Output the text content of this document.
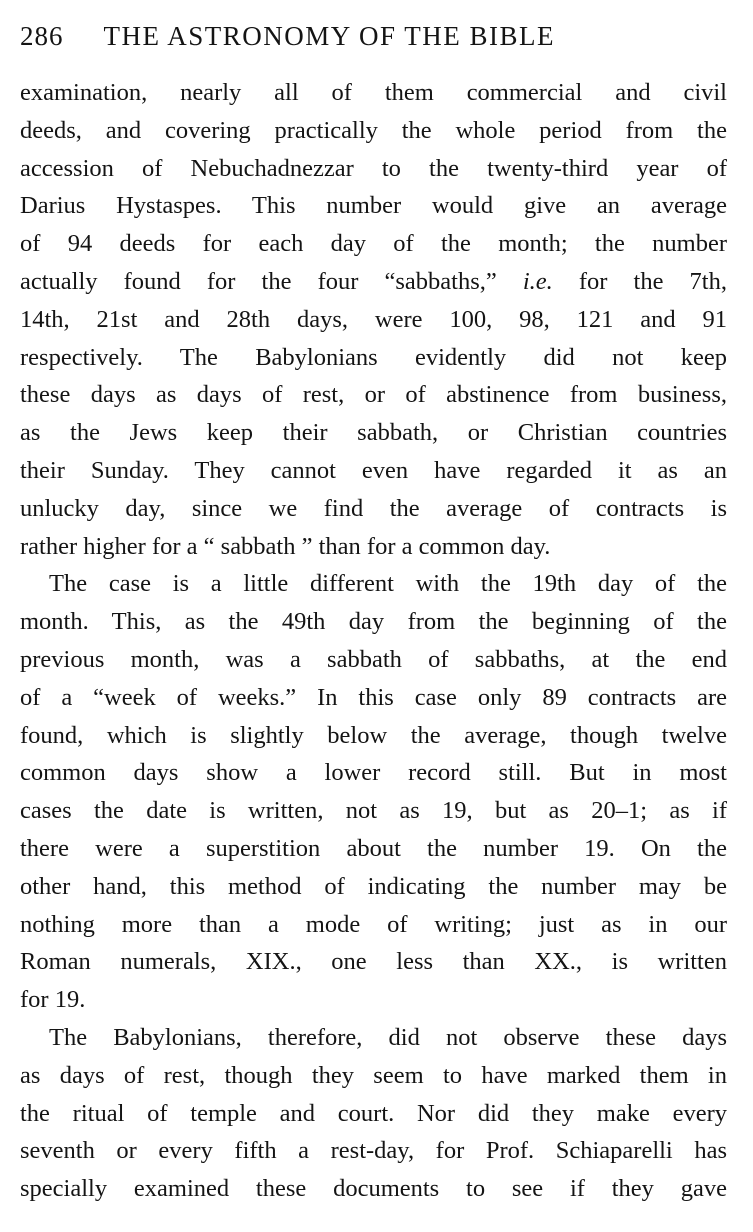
286 THE ASTRONOMY OF THE BIBLE
examination, nearly all of them commercial and civil
deeds, and covering practically the whole period from the
accession of Nebuchadnezzar to the twenty-third year of
Darius Hystaspes. This number would give an average
of 94 deeds for each day of the month; the number
actually found for the four “sabbaths,” i.e. for the 7th,
14th, 21st and 28th days, were 100, 98, 121 and 91
respectively. The Babylonians evidently did not keep
these days as days of rest, or of abstinence from business,
as the Jews keep their sabbath, or Christian countries
their Sunday. They cannot even have regarded it as an
unlucky day, since we find the average of contracts is
rather higher for a “ sabbath ” than for a common day.
The case is a little different with the 19th day of the
month. This, as the 49th day from the beginning of the
previous month, was a sabbath of sabbaths, at the end
of a “week of weeks.” In this case only 89 contracts are
found, which is slightly below the average, though twelve
common days show a lower record still. But in most
cases the date is written, not as 19, but as 20–1; as if
there were a superstition about the number 19. On the
other hand, this method of indicating the number may be
nothing more than a mode of writing; just as in our
Roman numerals, XIX., one less than XX., is written
for 19.
The Babylonians, therefore, did not observe these days
as days of rest, though they seem to have marked them in
the ritual of temple and court. Nor did they make every
seventh or every fifth a rest-day, for Prof. Schiaparelli has
specially examined these documents to see if they gave
